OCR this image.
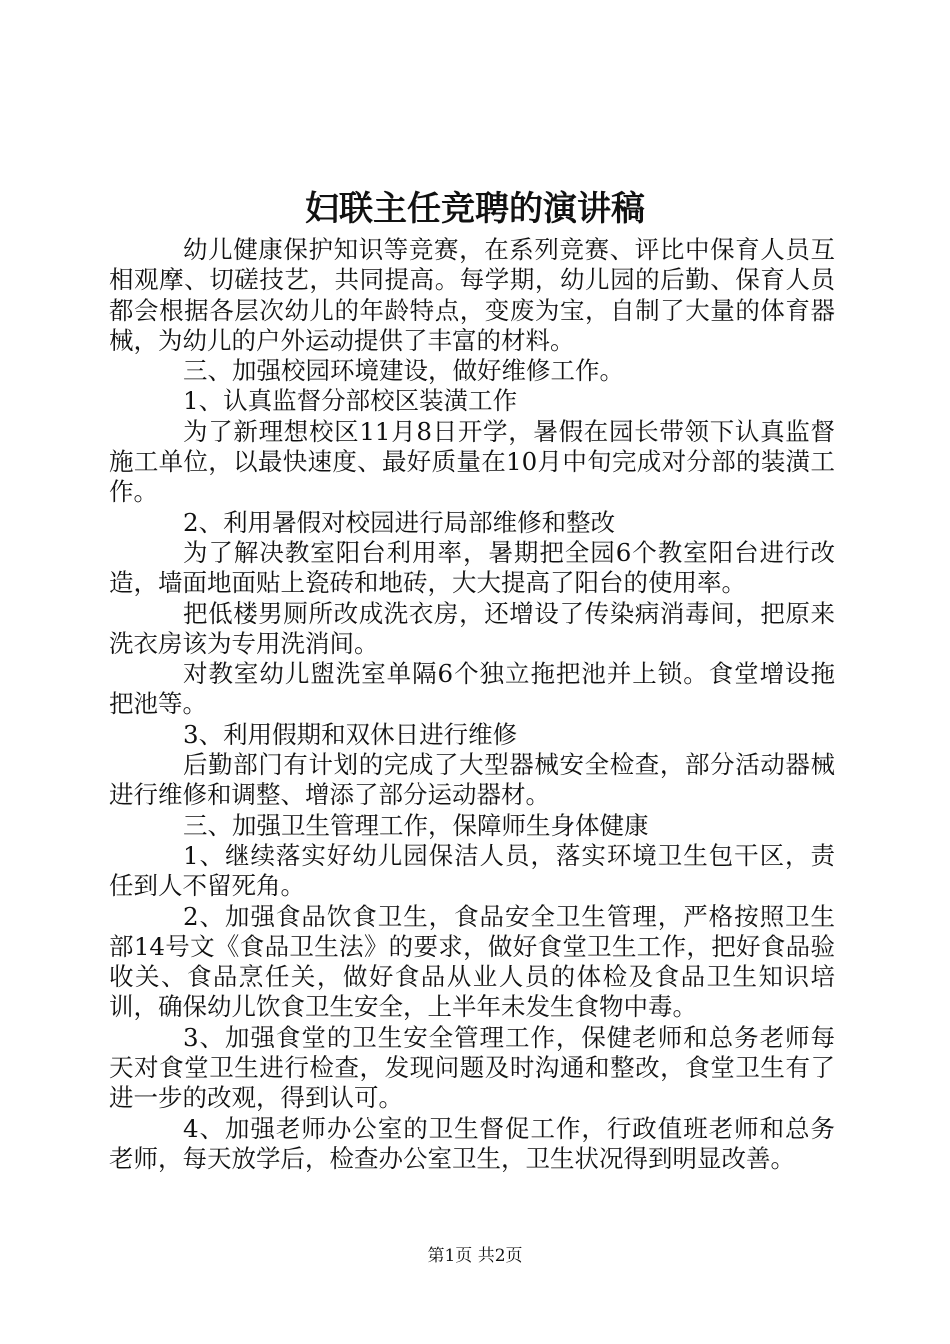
妇联主任竞聘的演讲稿

幼儿健康保护知识等竞赛，在系列竞赛、评比中保育人员互相观摩、切磋技艺，共同提高。每学期，幼儿园的后勤、保育人员都会根据各层次幼儿的年龄特点，变废为宝，自制了大量的体育器械，为幼儿的户外运动提供了丰富的材料。

三、加强校园环境建设，做好维修工作。

1、认真监督分部校区装潢工作

为了新理想校区11月8日开学，暑假在园长带领下认真监督施工单位，以最快速度、最好质量在10月中旬完成对分部的装潢工作。

2、利用暑假对校园进行局部维修和整改

为了解决教室阳台利用率，暑期把全园6个教室阳台进行改造，墙面地面贴上瓷砖和地砖，大大提高了阳台的使用率。

把低楼男厕所改成洗衣房，还增设了传染病消毒间，把原来洗衣房该为专用洗消间。

对教室幼儿盥洗室单隔6个独立拖把池并上锁。食堂增设拖把池等。

3、利用假期和双休日进行维修

后勤部门有计划的完成了大型器械安全检查，部分活动器械进行维修和调整、增添了部分运动器材。

三、加强卫生管理工作，保障师生身体健康

1、继续落实好幼儿园保洁人员，落实环境卫生包干区，责任到人不留死角。

2、加强食品饮食卫生，食品安全卫生管理，严格按照卫生部14号文《食品卫生法》的要求，做好食堂卫生工作，把好食品验收关、食品烹任关，做好食品从业人员的体检及食品卫生知识培训，确保幼儿饮食卫生安全，上半年未发生食物中毒。

3、加强食堂的卫生安全管理工作，保健老师和总务老师每天对食堂卫生进行检查，发现问题及时沟通和整改，食堂卫生有了进一步的改观，得到认可。

4、加强老师办公室的卫生督促工作，行政值班老师和总务老师，每天放学后，检查办公室卫生，卫生状况得到明显改善。

第1页 共2页
